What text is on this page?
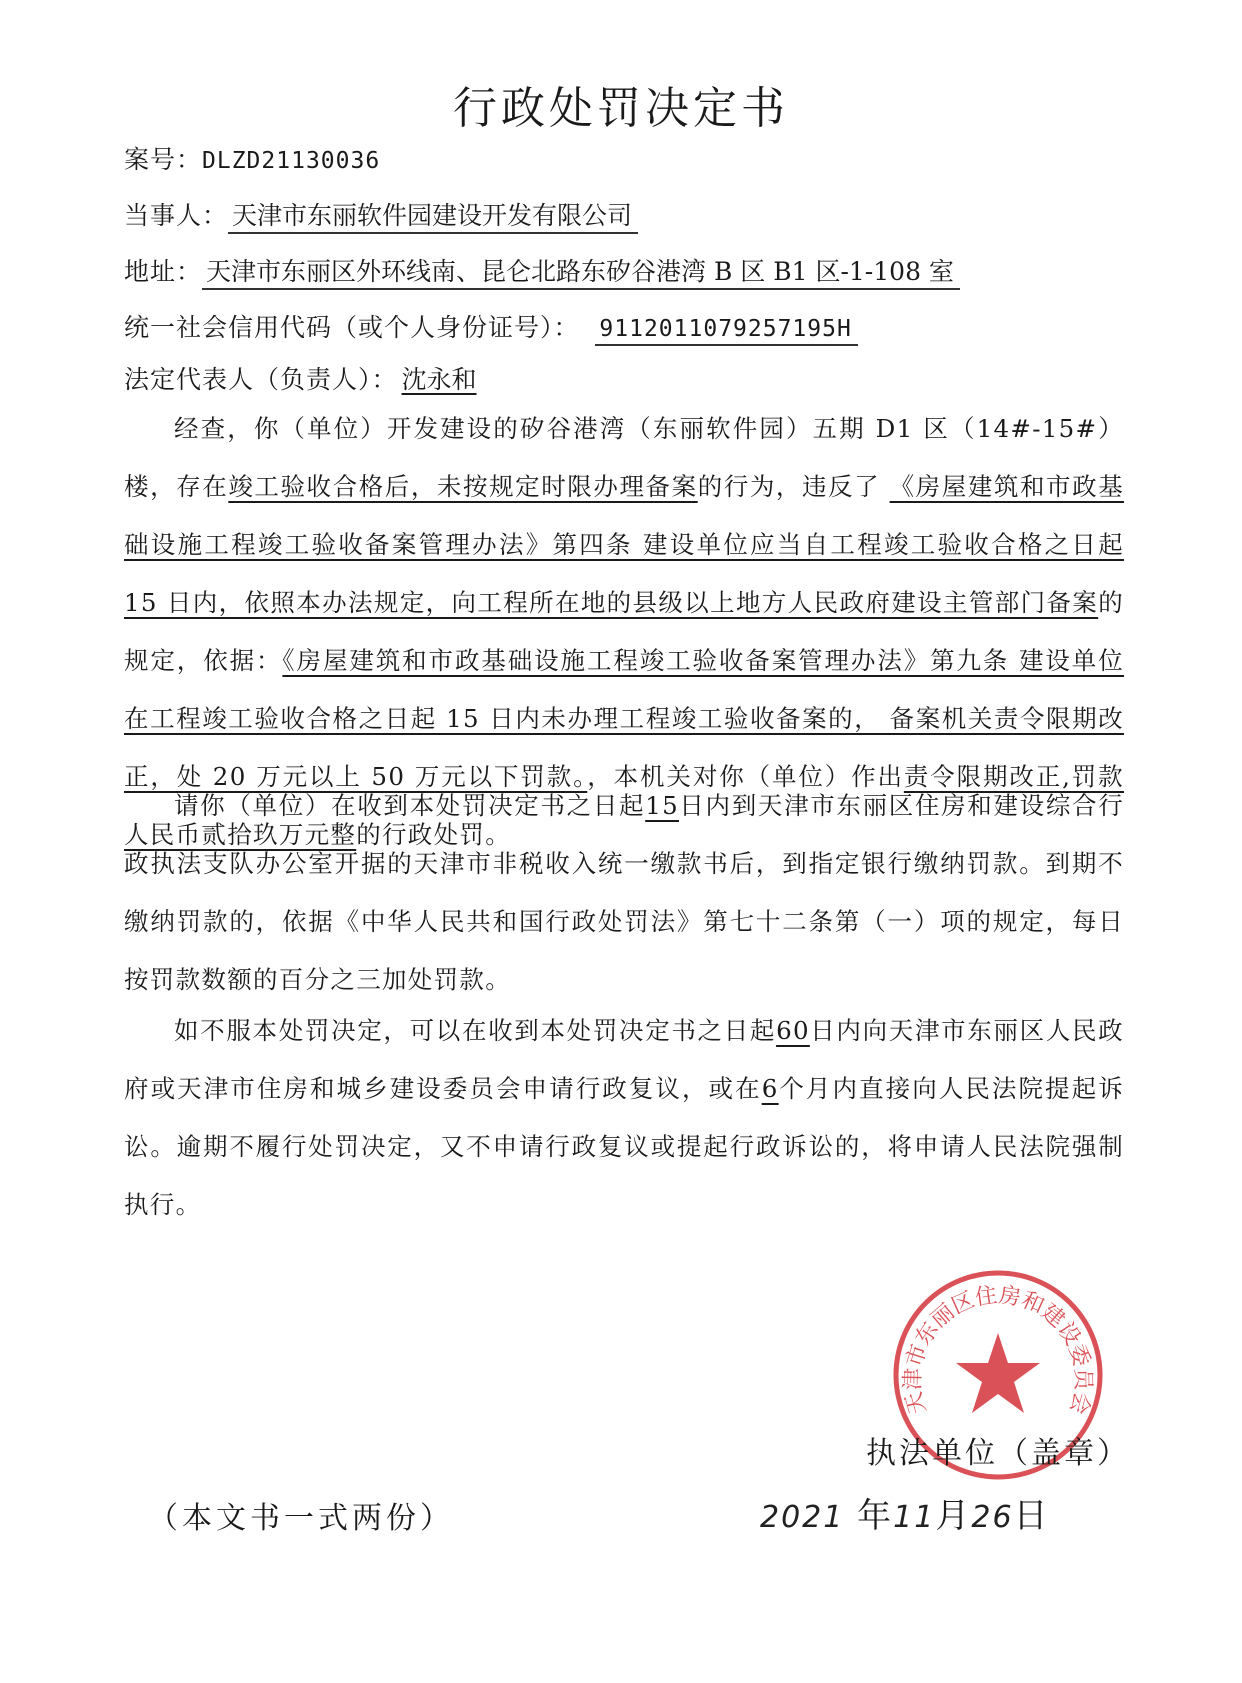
行政处罚决定书
案号：DLZD21130036
当事人： 天津市东丽软件园建设开发有限公司
地址： 天津市东丽区外环线南、昆仑北路东矽谷港湾 B 区 B1 区-1-108 室
统一社会信用代码（或个人身份证号）： 9112011079257195H
法定代表人（负责人）： 沈永和

经查，你（单位）开发建设的矽谷港湾（东丽软件园）五期 D1 区（14#-15#）楼，存在竣工验收合格后，未按规定时限办理备案的行为，违反了 《房屋建筑和市政基础设施工程竣工验收备案管理办法》第四条 建设单位应当自工程竣工验收合格之日起 15 日内，依照本办法规定，向工程所在地的县级以上地方人民政府建设主管部门备案的规定，依据：《房屋建筑和市政基础设施工程竣工验收备案管理办法》第九条 建设单位在工程竣工验收合格之日起 15 日内未办理工程竣工验收备案的， 备案机关责令限期改正，处 20 万元以上 50 万元以下罚款。，本机关对你（单位）作出责令限期改正,罚款人民币贰拾玖万元整的行政处罚。

请你（单位）在收到本处罚决定书之日起15日内到天津市东丽区住房和建设综合行政执法支队办公室开据的天津市非税收入统一缴款书后，到指定银行缴纳罚款。到期不缴纳罚款的，依据《中华人民共和国行政处罚法》第七十二条第（一）项的规定，每日按罚款数额的百分之三加处罚款。

如不服本处罚决定，可以在收到本处罚决定书之日起60日内向天津市东丽区人民政府或天津市住房和城乡建设委员会申请行政复议，或在6个月内直接向人民法院提起诉讼。逾期不履行处罚决定，又不申请行政复议或提起行政诉讼的，将申请人民法院强制执行。

天津市东丽区住房和建设委员会
执法单位（盖章）
（本文书一式两份）	2021 年11月26日
